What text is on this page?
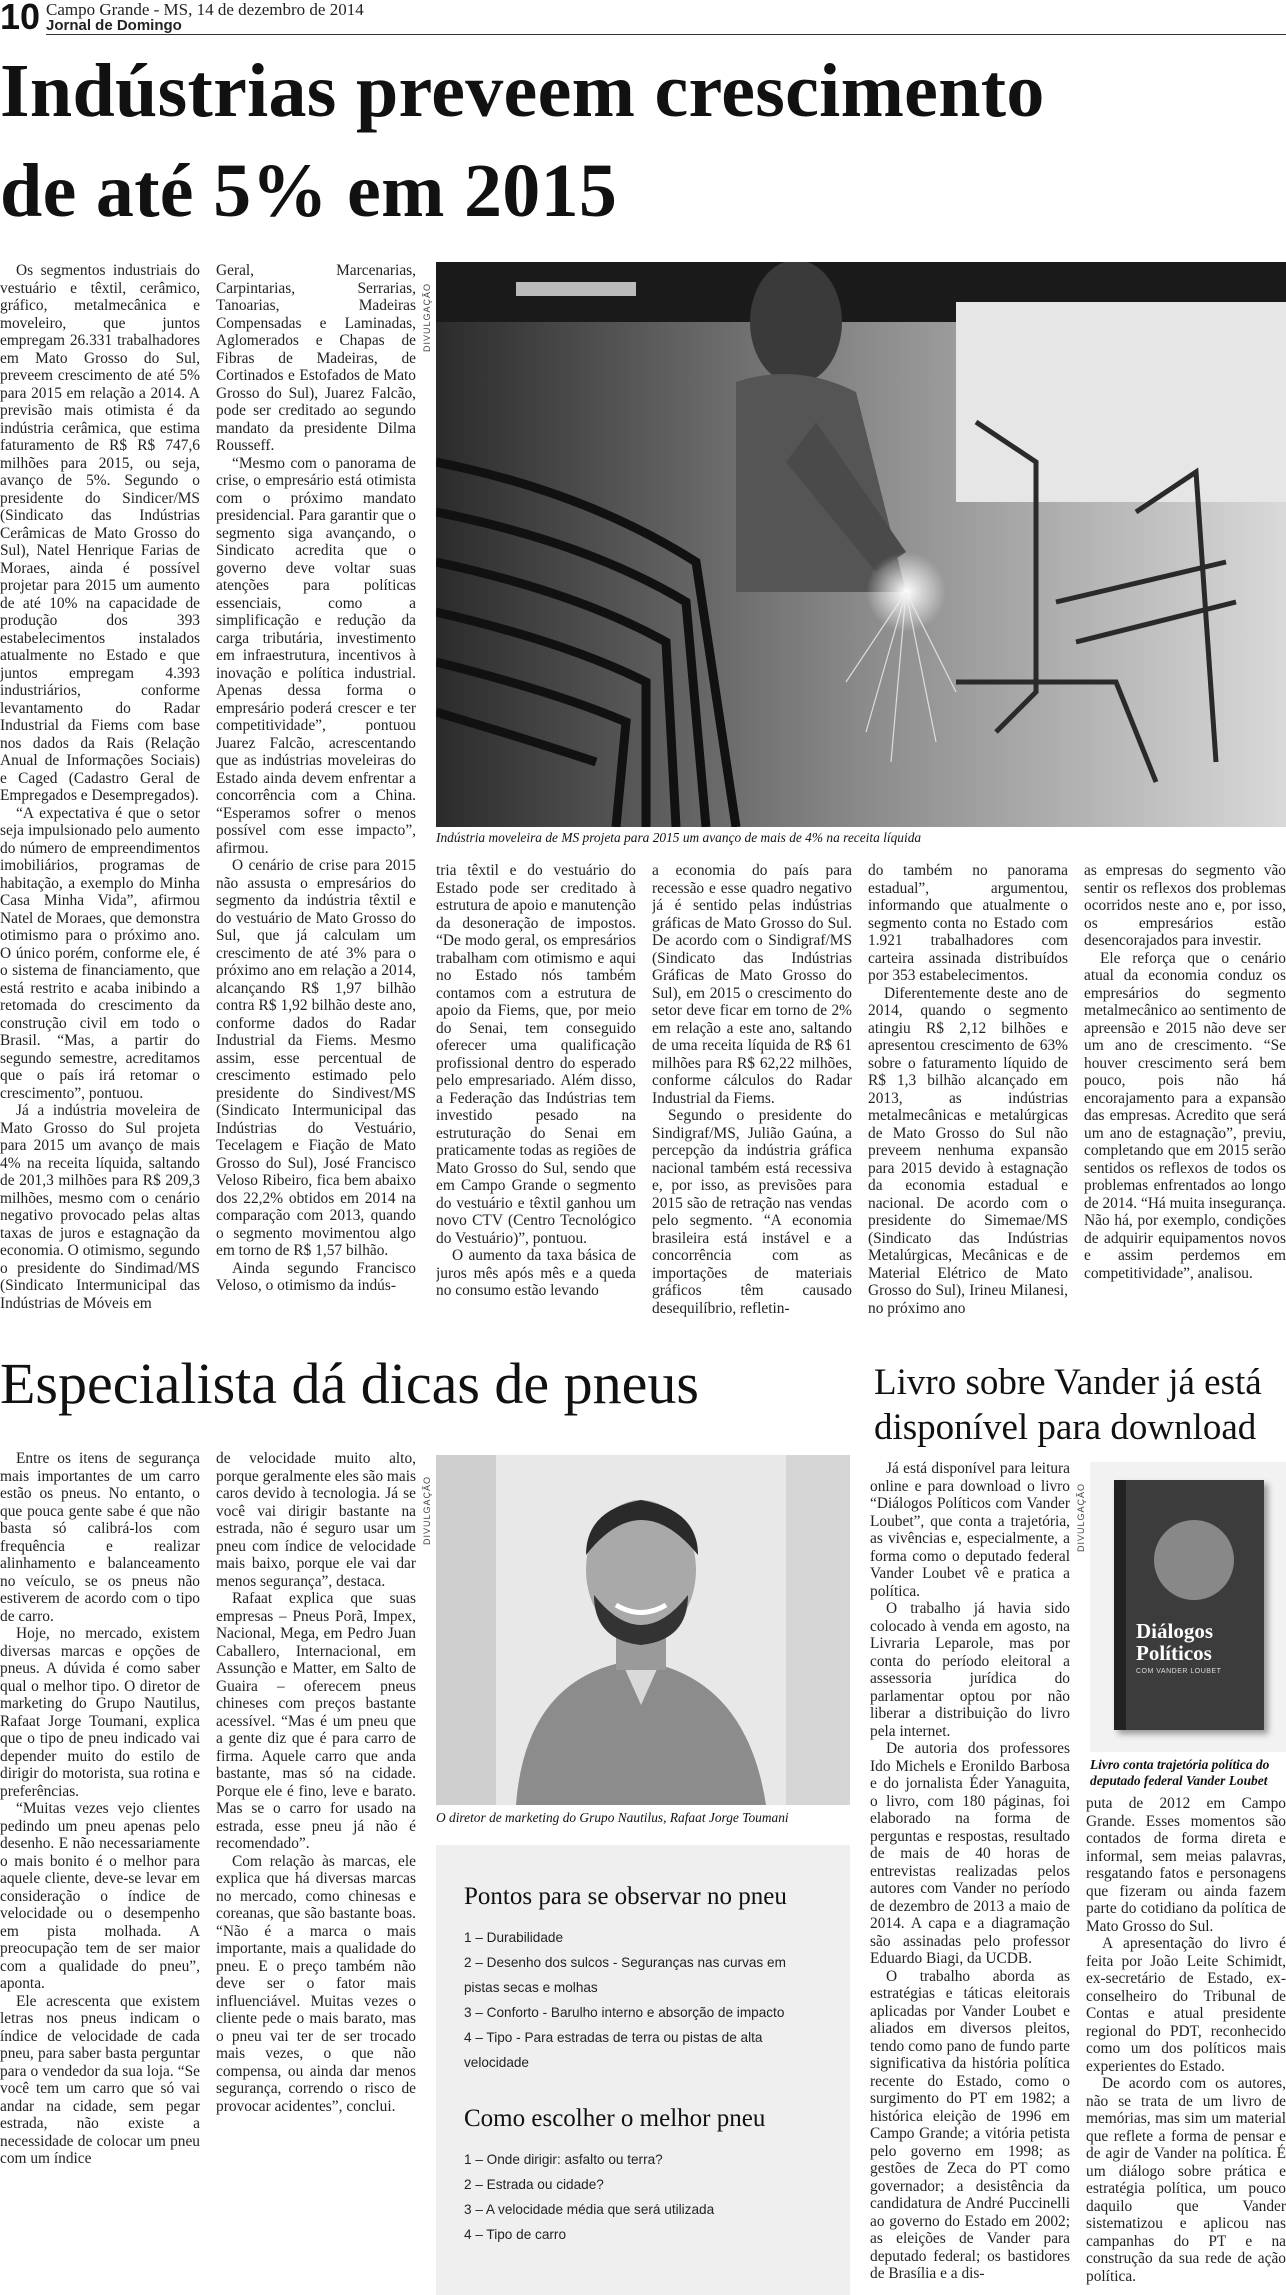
10 Campo Grande - MS, 14 de dezembro de 2014
Jornal de Domingo
Indústrias preveem crescimento
de até 5% em 2015

Os segmentos industriais do vestuário e têxtil, cerâmico, gráfico, metalmecânica e moveleiro, que juntos empregam 26.331 trabalhadores em Mato Grosso do Sul, preveem crescimento de até 5% para 2015 em relação a 2014. A previsão mais otimista é da indústria cerâmica, que estima faturamento de R$ R$ 747,6 milhões para 2015, ou seja, avanço de 5%. Segundo o presidente do Sindicer/MS (Sindicato das Indústrias Cerâmicas de Mato Grosso do Sul), Natel Henrique Farias de Moraes, ainda é possível projetar para 2015 um aumento de até 10% na capacidade de produção dos 393 estabelecimentos instalados atualmente no Estado e que juntos empregam 4.393 industriários, conforme levantamento do Radar Industrial da Fiems com base nos dados da Rais (Relação Anual de Informações Sociais) e Caged (Cadastro Geral de Empregados e Desempregados).

“A expectativa é que o setor seja impulsionado pelo aumento do número de empreendimentos imobiliários, programas de habitação, a exemplo do Minha Casa Minha Vida”, afirmou Natel de Moraes, que demonstra otimismo para o próximo ano. O único porém, conforme ele, é o sistema de financiamento, que está restrito e acaba inibindo a retomada do crescimento da construção civil em todo o Brasil. “Mas, a partir do segundo semestre, acreditamos que o país irá retomar o crescimento”, pontuou.

Já a indústria moveleira de Mato Grosso do Sul projeta para 2015 um avanço de mais 4% na receita líquida, saltando de 201,3 milhões para R$ 209,3 milhões, mesmo com o cenário negativo provocado pelas altas taxas de juros e estagnação da economia. O otimismo, segundo o presidente do Sindimad/MS (Sindicato Intermunicipal das Indústrias de Móveis em

Geral, Marcenarias, Carpintarias, Serrarias, Tanoarias, Madeiras Compensadas e Laminadas, Aglomerados e Chapas de Fibras de Madeiras, de Cortinados e Estofados de Mato Grosso do Sul), Juarez Falcão, pode ser creditado ao segundo mandato da presidente Dilma Rousseff.

“Mesmo com o panorama de crise, o empresário está otimista com o próximo mandato presidencial. Para garantir que o segmento siga avançando, o Sindicato acredita que o governo deve voltar suas atenções para políticas essenciais, como a simplificação e redução da carga tributária, investimento em infraestrutura, incentivos à inovação e política industrial. Apenas dessa forma o empresário poderá crescer e ter competitividade”, pontuou Juarez Falcão, acrescentando que as indústrias moveleiras do Estado ainda devem enfrentar a concorrência com a China. “Esperamos sofrer o menos possível com esse impacto”, afirmou.

O cenário de crise para 2015 não assusta o empresários do segmento da indústria têxtil e do vestuário de Mato Grosso do Sul, que já calculam um crescimento de até 3% para o próximo ano em relação a 2014, alcançando R$ 1,97 bilhão contra R$ 1,92 bilhão deste ano, conforme dados do Radar Industrial da Fiems. Mesmo assim, esse percentual de crescimento estimado pelo presidente do Sindivest/MS (Sindicato Intermunicipal das Indústrias do Vestuário, Tecelagem e Fiação de Mato Grosso do Sul), José Francisco Veloso Ribeiro, fica bem abaixo dos 22,2% obtidos em 2014 na comparação com 2013, quando o segmento movimentou algo em torno de R$ 1,57 bilhão.

Ainda segundo Francisco Veloso, o otimismo da indús-

DIVULGAÇÃO
Indústria moveleira de MS projeta para 2015 um avanço de mais de 4% na receita líquida

tria têxtil e do vestuário do Estado pode ser creditado à estrutura de apoio e manutenção da desoneração de impostos. “De modo geral, os empresários trabalham com otimismo e aqui no Estado nós também contamos com a estrutura de apoio da Fiems, que, por meio do Senai, tem conseguido oferecer uma qualificação profissional dentro do esperado pelo empresariado. Além disso, a Federação das Indústrias tem investido pesado na estruturação do Senai em praticamente todas as regiões de Mato Grosso do Sul, sendo que em Campo Grande o segmento do vestuário e têxtil ganhou um novo CTV (Centro Tecnológico do Vestuário)”, pontuou.

O aumento da taxa básica de juros mês após mês e a queda no consumo estão levando

a economia do país para recessão e esse quadro negativo já é sentido pelas indústrias gráficas de Mato Grosso do Sul. De acordo com o Sindigraf/MS (Sindicato das Indústrias Gráficas de Mato Grosso do Sul), em 2015 o crescimento do setor deve ficar em torno de 2% em relação a este ano, saltando de uma receita líquida de R$ 61 milhões para R$ 62,22 milhões, conforme cálculos do Radar Industrial da Fiems.

Segundo o presidente do Sindigraf/MS, Julião Gaúna, a percepção da indústria gráfica nacional também está recessiva e, por isso, as previsões para 2015 são de retração nas vendas pelo segmento. “A economia brasileira está instável e a concorrência com as importações de materiais gráficos têm causado desequilíbrio, refletin-

do também no panorama estadual”, argumentou, informando que atualmente o segmento conta no Estado com 1.921 trabalhadores com carteira assinada distribuídos por 353 estabelecimentos.

Diferentemente deste ano de 2014, quando o segmento atingiu R$ 2,12 bilhões e apresentou crescimento de 63% sobre o faturamento líquido de R$ 1,3 bilhão alcançado em 2013, as indústrias metalmecânicas e metalúrgicas de Mato Grosso do Sul não preveem nenhuma expansão para 2015 devido à estagnação da economia estadual e nacional. De acordo com o presidente do Simemae/MS (Sindicato das Indústrias Metalúrgicas, Mecânicas e de Material Elétrico de Mato Grosso do Sul), Irineu Milanesi, no próximo ano

as empresas do segmento vão sentir os reflexos dos problemas ocorridos neste ano e, por isso, os empresários estão desencorajados para investir.

Ele reforça que o cenário atual da economia conduz os empresários do segmento metalmecânico ao sentimento de apreensão e 2015 não deve ser um ano de crescimento. “Se houver crescimento será bem pouco, pois não há encorajamento para a expansão das empresas. Acredito que será um ano de estagnação”, previu, completando que em 2015 serão sentidos os reflexos de todos os problemas enfrentados ao longo de 2014. “Há muita insegurança. Não há, por exemplo, condições de adquirir equipamentos novos e assim perdemos em competitividade”, analisou.

Especialista dá dicas de pneus

Entre os itens de segurança mais importantes de um carro estão os pneus. No entanto, o que pouca gente sabe é que não basta só calibrá-los com frequência e realizar alinhamento e balanceamento no veículo, se os pneus não estiverem de acordo com o tipo de carro.

Hoje, no mercado, existem diversas marcas e opções de pneus. A dúvida é como saber qual o melhor tipo. O diretor de marketing do Grupo Nautilus, Rafaat Jorge Toumani, explica que o tipo de pneu indicado vai depender muito do estilo de dirigir do motorista, sua rotina e preferências.

“Muitas vezes vejo clientes pedindo um pneu apenas pelo desenho. E não necessariamente o mais bonito é o melhor para aquele cliente, deve-se levar em consideração o índice de velocidade ou o desempenho em pista molhada. A preocupação tem de ser maior com a qualidade do pneu”, aponta.

Ele acrescenta que existem letras nos pneus indicam o índice de velocidade de cada pneu, para saber basta perguntar para o vendedor da sua loja. “Se você tem um carro que só vai andar na cidade, sem pegar estrada, não existe a necessidade de colocar um pneu com um índice

de velocidade muito alto, porque geralmente eles são mais caros devido à tecnologia. Já se você vai dirigir bastante na estrada, não é seguro usar um pneu com índice de velocidade mais baixo, porque ele vai dar menos segurança”, destaca.

Rafaat explica que suas empresas – Pneus Porã, Impex, Nacional, Mega, em Pedro Juan Caballero, Internacional, em Assunção e Matter, em Salto de Guaira – oferecem pneus chineses com preços bastante acessível. “Mas é um pneu que a gente diz que é para carro de firma. Aquele carro que anda bastante, mas só na cidade. Porque ele é fino, leve e barato. Mas se o carro for usado na estrada, esse pneu já não é recomendado”.

Com relação às marcas, ele explica que há diversas marcas no mercado, como chinesas e coreanas, que são bastante boas. “Não é a marca o mais importante, mais a qualidade do pneu. E o preço também não deve ser o fator mais influenciável. Muitas vezes o cliente pede o mais barato, mas o pneu vai ter de ser trocado mais vezes, o que não compensa, ou ainda dar menos segurança, correndo o risco de provocar acidentes”, conclui.

DIVULGAÇÃO
O diretor de marketing do Grupo Nautilus, Rafaat Jorge Toumani
Pontos para se observar no pneu
1 – Durabilidade
2 – Desenho dos sulcos - Seguranças nas curvas em pistas secas e molhas
3 – Conforto - Barulho interno e absorção de impacto
4 – Tipo - Para estradas de terra ou pistas de alta velocidade
Como escolher o melhor pneu
1 – Onde dirigir: asfalto ou terra?
2 – Estrada ou cidade?
3 – A velocidade média que será utilizada
4 – Tipo de carro
Livro sobre Vander já está
disponível para download

Já está disponível para leitura online e para download o livro “Diálogos Políticos com Vander Loubet”, que conta a trajetória, as vivências e, especialmente, a forma como o deputado federal Vander Loubet vê e pratica a política.

O trabalho já havia sido colocado à venda em agosto, na Livraria Leparole, mas por conta do período eleitoral a assessoria jurídica do parlamentar optou por não liberar a distribuição do livro pela internet.

De autoria dos professores Ido Michels e Eronildo Barbosa e do jornalista Éder Yanaguita, o livro, com 180 páginas, foi elaborado na forma de perguntas e respostas, resultado de mais de 40 horas de entrevistas realizadas pelos autores com Vander no período de dezembro de 2013 a maio de 2014. A capa e a diagramação são assinadas pelo professor Eduardo Biagi, da UCDB.

O trabalho aborda as estratégias e táticas eleitorais aplicadas por Vander Loubet e aliados em diversos pleitos, tendo como pano de fundo parte significativa da história política recente do Estado, como o surgimento do PT em 1982; a histórica eleição de 1996 em Campo Grande; a vitória petista pelo governo em 1998; as gestões de Zeca do PT como governador; a desistência da candidatura de André Puccinelli ao governo do Estado em 2002; as eleições de Vander para deputado federal; os bastidores de Brasília e a dis-

DIVULGAÇÃO
Diálogos
Políticos
COM VANDER LOUBET
Livro conta trajetória política do deputado federal Vander Loubet

puta de 2012 em Campo Grande. Esses momentos são contados de forma direta e informal, sem meias palavras, resgatando fatos e personagens que fizeram ou ainda fazem parte do cotidiano da política de Mato Grosso do Sul.

A apresentação do livro é feita por João Leite Schimidt, ex-secretário de Estado, ex-conselheiro do Tribunal de Contas e atual presidente regional do PDT, reconhecido como um dos políticos mais experientes do Estado.

De acordo com os autores, não se trata de um livro de memórias, mas sim um material que reflete a forma de pensar e de agir de Vander na política. É um diálogo sobre prática e estratégia política, um pouco daquilo que Vander sistematizou e aplicou nas campanhas do PT e na construção da sua rede de ação política.
